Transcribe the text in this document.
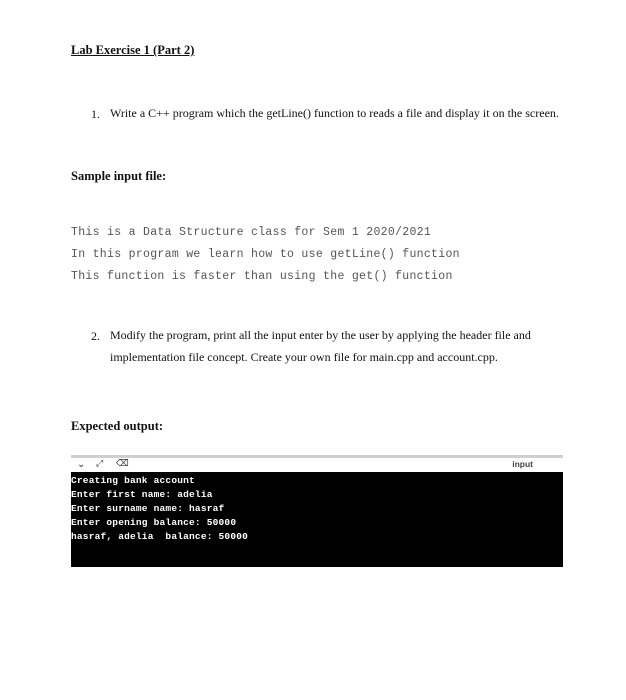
Lab Exercise 1 (Part 2)
1. Write a C++ program which the getLine() function to reads a file and display it on the screen.
Sample input file:
This is a Data Structure class for Sem 1 2020/2021
In this program we learn how to use getLine() function
This function is faster than using the get() function
2. Modify the program, print all the input enter by the user by applying the header file and implementation file concept. Create your own file for main.cpp and account.cpp.
Expected output:
⌄ ⤢ ⌫	input
Creating bank account
Enter first name: adelia
Enter surname name: hasraf
Enter opening balance: 50000
hasraf, adelia  balance: 50000
